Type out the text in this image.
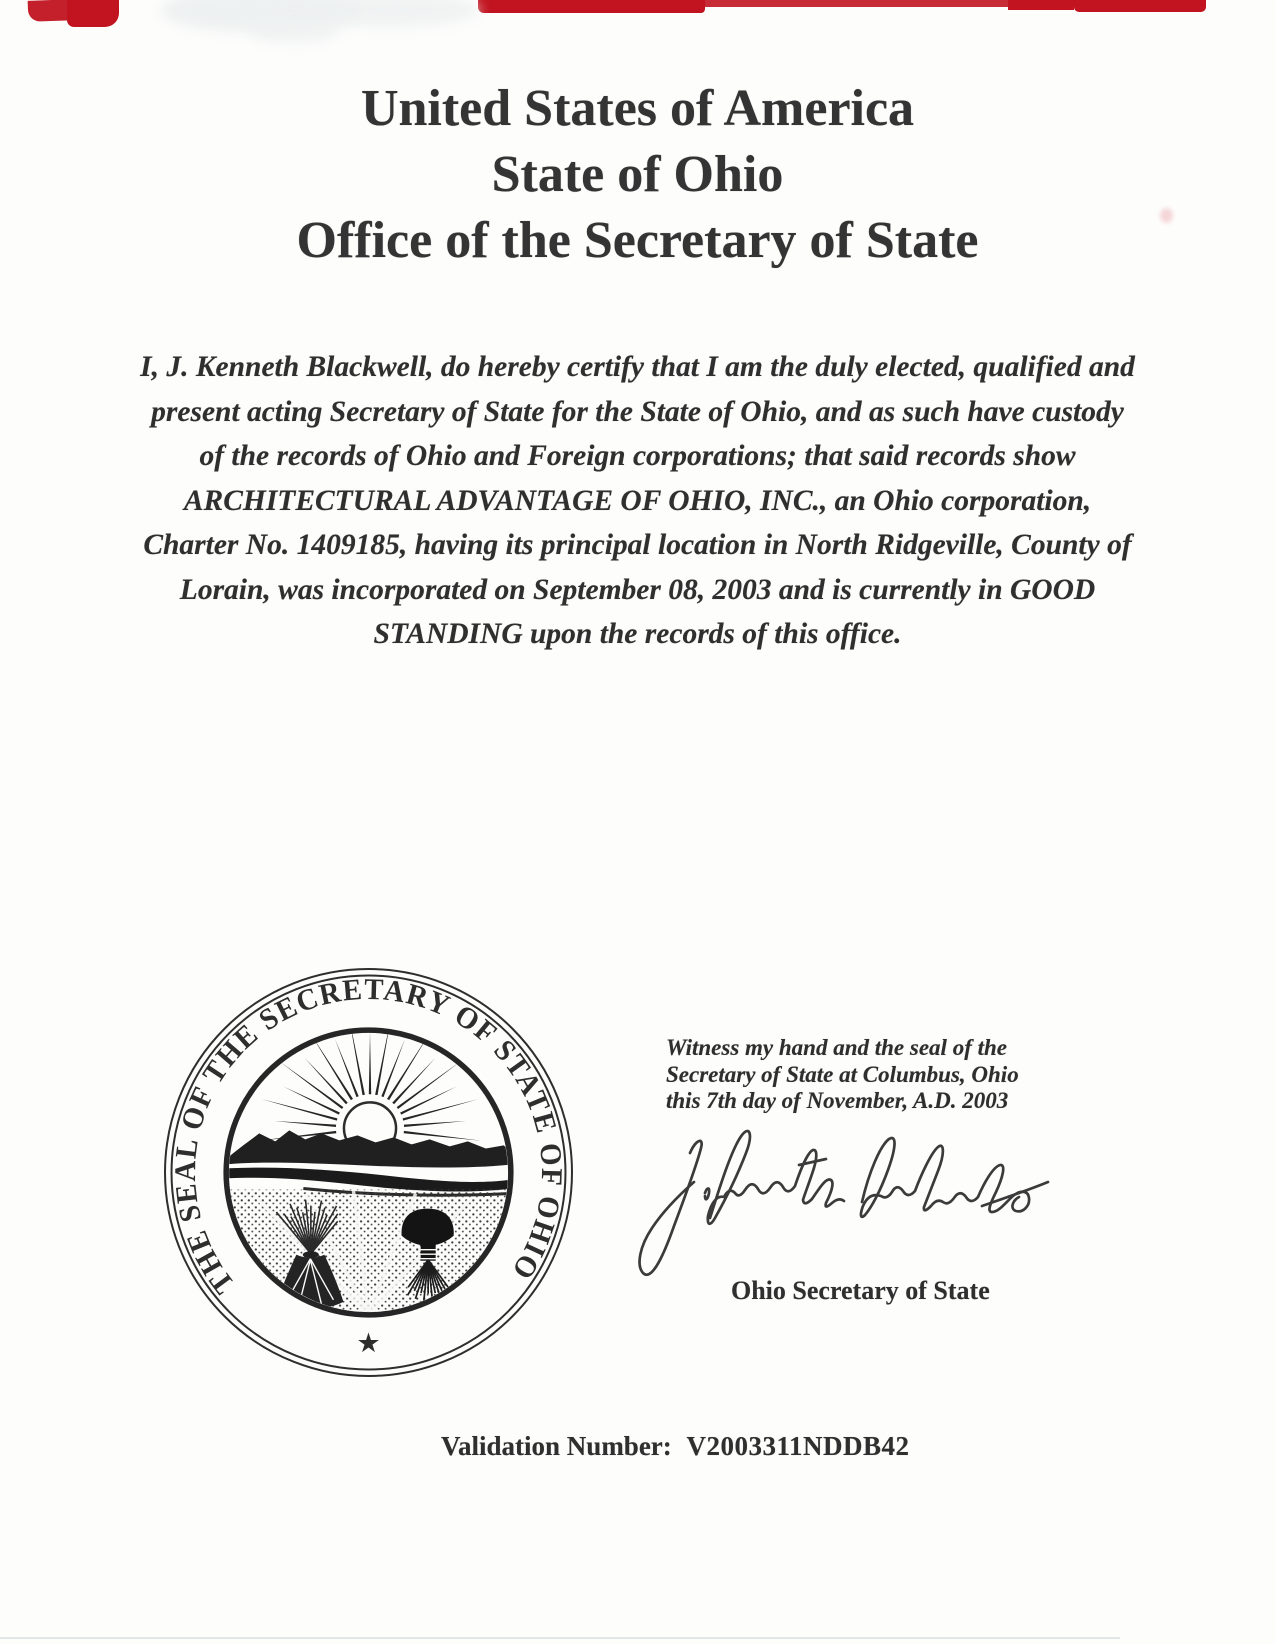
United States of America
State of Ohio
Office of the Secretary of State
I, J. Kenneth Blackwell, do hereby certify that I am the duly elected, qualified and
present acting Secretary of State for the State of Ohio, and as such have custody
of the records of Ohio and Foreign corporations; that said records show
ARCHITECTURAL ADVANTAGE OF OHIO, INC., an Ohio corporation,
Charter No. 1409185, having its principal location in North Ridgeville, County of
Lorain, was incorporated on September 08, 2003 and is currently in GOOD
STANDING upon the records of this office.
THE SEAL OF THE SECRETARY OF STATE OF OHIO
★
Witness my hand and the seal of the
Secretary of State at Columbus, Ohio
this 7th day of November, A.D. 2003
Ohio Secretary of State
Validation Number: V2003311NDDB42
